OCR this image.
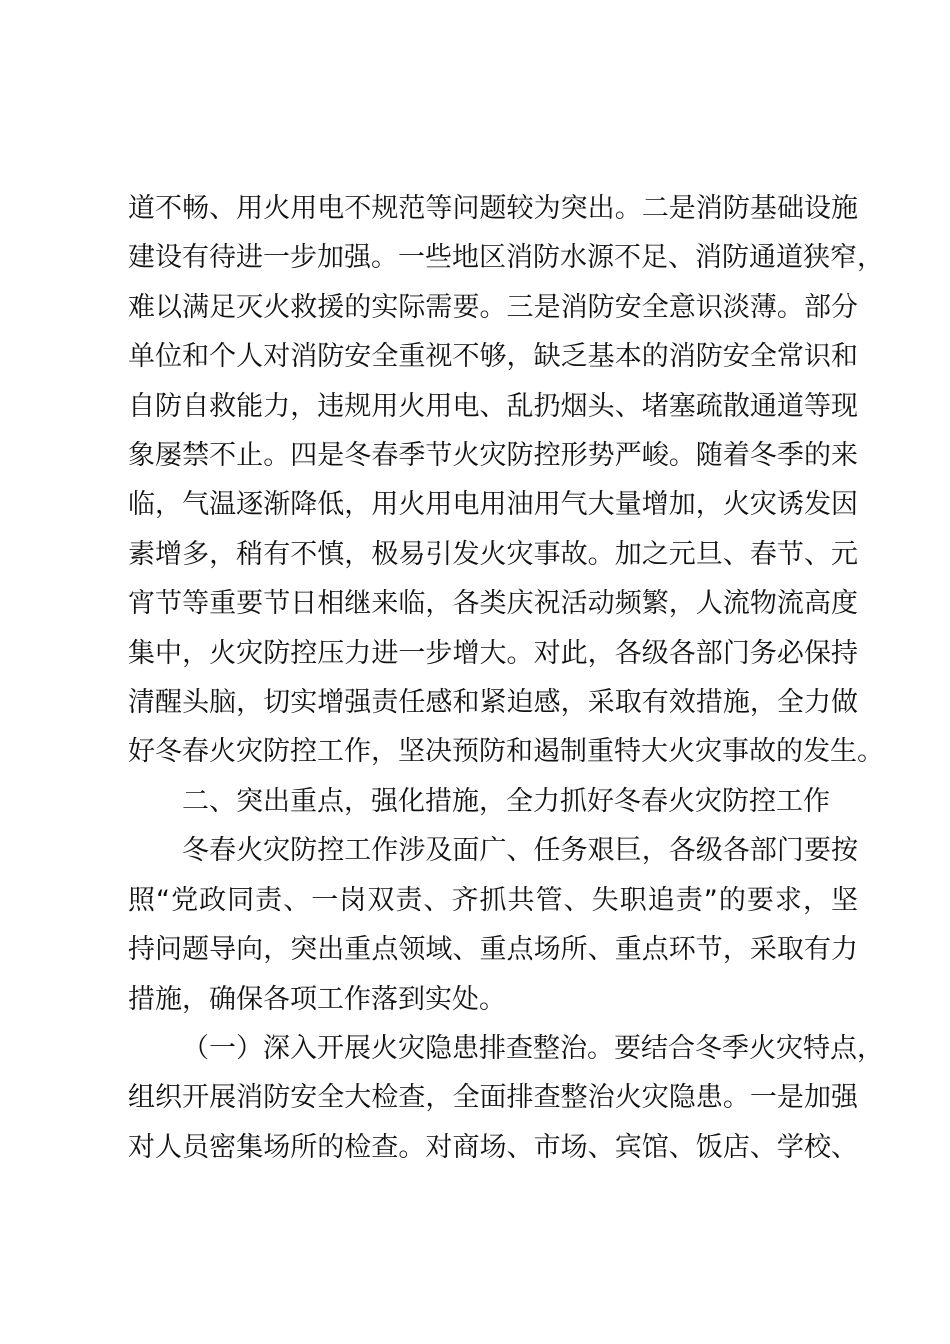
道不畅、用火用电不规范等问题较为突出。二是消防基础设施
建设有待进一步加强。一些地区消防水源不足、消防通道狭窄，
难以满足灭火救援的实际需要。三是消防安全意识淡薄。部分
单位和个人对消防安全重视不够，缺乏基本的消防安全常识和
自防自救能力，违规用火用电、乱扔烟头、堵塞疏散通道等现
象屡禁不止。四是冬春季节火灾防控形势严峻。随着冬季的来
临，气温逐渐降低，用火用电用油用气大量增加，火灾诱发因
素增多，稍有不慎，极易引发火灾事故。加之元旦、春节、元
宵节等重要节日相继来临，各类庆祝活动频繁，人流物流高度
集中，火灾防控压力进一步增大。对此，各级各部门务必保持
清醒头脑，切实增强责任感和紧迫感，采取有效措施，全力做
好冬春火灾防控工作，坚决预防和遏制重特大火灾事故的发生。
二、突出重点，强化措施，全力抓好冬春火灾防控工作
冬春火灾防控工作涉及面广、任务艰巨，各级各部门要按
照“党政同责、一岗双责、齐抓共管、失职追责”的要求，坚
持问题导向，突出重点领域、重点场所、重点环节，采取有力
措施，确保各项工作落到实处。
（一）深入开展火灾隐患排查整治。要结合冬季火灾特点，
组织开展消防安全大检查，全面排查整治火灾隐患。一是加强
对人员密集场所的检查。对商场、市场、宾馆、饭店、学校、
